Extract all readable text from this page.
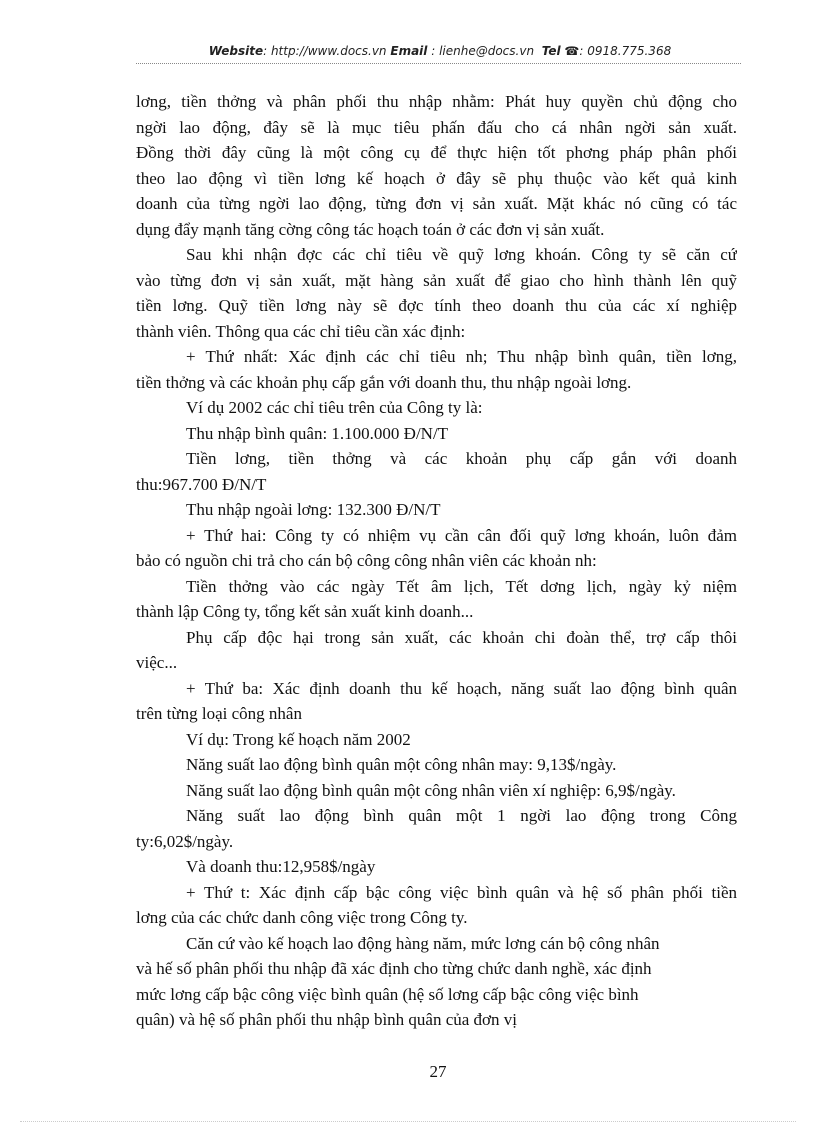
Website: http://www.docs.vn Email : lienhe@docs.vn Tel ☎: 0918.775.368
lơng, tiền thởng và phân phối thu nhập nhằm: Phát huy quyền chủ động cho
ngời lao động, đây sẽ là mục tiêu phấn đấu cho cá nhân ngời sản xuất.
Đồng thời đây cũng là một công cụ để thực hiện tốt phơng pháp phân phối
theo lao động vì tiền lơng kế hoạch ở đây sẽ phụ thuộc vào kết quả kinh
doanh của từng ngời lao động, từng đơn vị sản xuất. Mặt khác nó cũng có tác
dụng đẩy mạnh tăng cờng công tác hoạch toán ở các đơn vị sản xuất.
Sau khi nhận đợc các chỉ tiêu về quỹ lơng khoán. Công ty sẽ căn cứ
vào từng đơn vị sản xuất, mặt hàng sản xuất để giao cho hình thành lên quỹ
tiền lơng. Quỹ tiền lơng này sẽ đợc tính theo doanh thu của các xí nghiệp
thành viên. Thông qua các chỉ tiêu cần xác định:
+ Thứ nhất: Xác định các chỉ tiêu nh; Thu nhập bình quân, tiền lơng,
tiền thởng và các khoản phụ cấp gắn với doanh thu, thu nhập ngoài lơng.
Ví dụ 2002 các chỉ tiêu trên của Công ty là:
Thu nhập bình quân: 1.100.000 Đ/N/T
Tiền lơng, tiền thởng và các khoản phụ cấp gắn với doanh
thu:967.700 Đ/N/T
Thu nhập ngoài lơng: 132.300 Đ/N/T
+ Thứ hai: Công ty có nhiệm vụ cần cân đối quỹ lơng khoán, luôn đảm
bảo có nguồn chi trả cho cán bộ công công nhân viên các khoản nh:
Tiền thởng vào các ngày Tết âm lịch, Tết dơng lịch, ngày kỷ niệm
thành lập Công ty, tổng kết sản xuất kinh doanh...
Phụ cấp độc hại trong sản xuất, các khoản chi đoàn thể, trợ cấp thôi
việc...
+ Thứ ba: Xác định doanh thu kế hoạch, năng suất lao động bình quân
trên từng loại công nhân
Ví dụ: Trong kế hoạch năm 2002
Năng suất lao động bình quân một công nhân may: 9,13$/ngày.
Năng suất lao động bình quân một công nhân viên xí nghiệp: 6,9$/ngày.
Năng suất lao động bình quân một 1 ngời lao động trong Công
ty:6,02$/ngày.
Và doanh thu:12,958$/ngày
+ Thứ t: Xác định cấp bậc công việc bình quân và hệ số phân phối tiền
lơng của các chức danh công việc trong Công ty.
Căn cứ vào kế hoạch lao động hàng năm, mức lơng cán bộ công nhân
và hế số phân phối thu nhập đã xác định cho từng chức danh nghề, xác định
mức lơng cấp bậc công việc bình quân (hệ số lơng cấp bậc công việc bình
quân) và hệ số phân phối thu nhập bình quân của đơn vị
27
